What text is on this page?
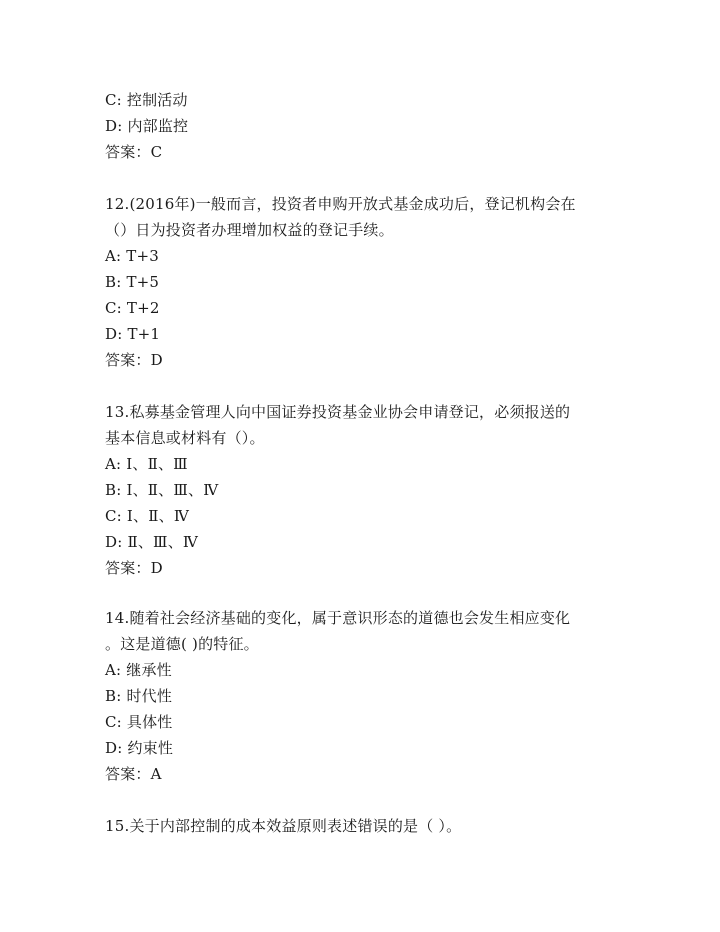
C: 控制活动
D: 内部监控
答案：C
12.(2016年)一般而言，投资者申购开放式基金成功后，登记机构会在
（）日为投资者办理增加权益的登记手续。
A: T+3
B: T+5
C: T+2
D: T+1
答案：D
13.私募基金管理人向中国证券投资基金业协会申请登记，必须报送的
基本信息或材料有（）。
A: Ⅰ、Ⅱ、Ⅲ
B: Ⅰ、Ⅱ、Ⅲ、Ⅳ
C: Ⅰ、Ⅱ、Ⅳ
D: Ⅱ、Ⅲ、Ⅳ
答案：D
14.随着社会经济基础的变化，属于意识形态的道德也会发生相应变化
。这是道德( )的特征。
A: 继承性
B: 时代性
C: 具体性
D: 约束性
答案：A
15.关于内部控制的成本效益原则表述错误的是（ ）。
